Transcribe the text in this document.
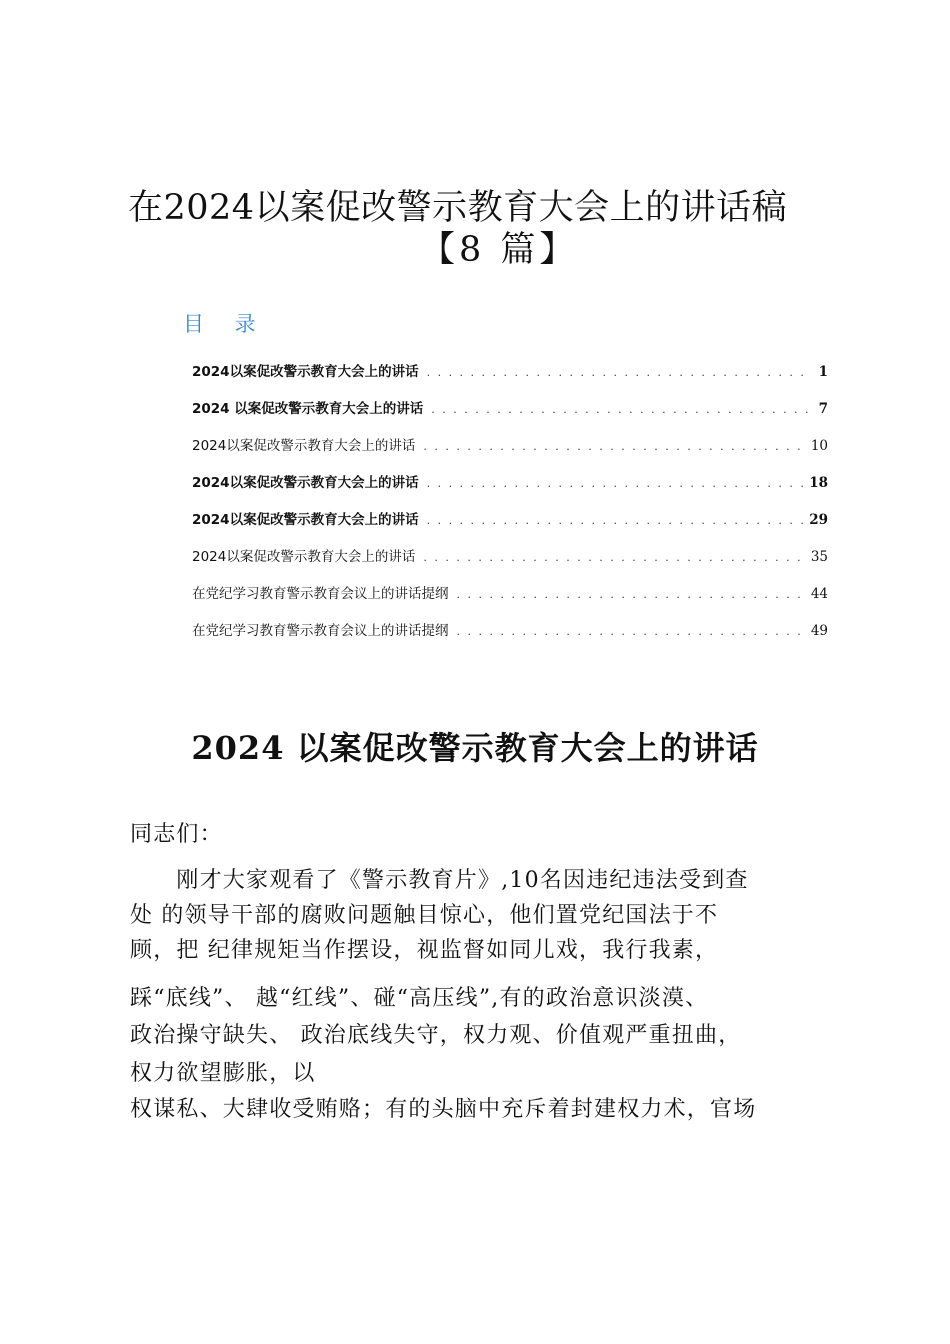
在2024以案促改警示教育大会上的讲话稿
【8 篇】
目 录
2024以案促改警示教育大会上的讲话 . . .	1
2024 以案促改警示教育大会上的讲话 . . .	7
2024以案促改警示教育大会上的讲话 . . .	10
2024以案促改警示教育大会上的讲话 . . .	18
2024以案促改警示教育大会上的讲话 . . .	29
2024以案促改警示教育大会上的讲话 . . .	35
在党纪学习教育警示教育会议上的讲话提纲 . . .	44
在党纪学习教育警示教育会议上的讲话提纲 . . .	49
2024 以案促改警示教育大会上的讲话
同志们：
　　刚才大家观看了《警示教育片》,10名因违纪违法受到查
处 的领导干部的腐败问题触目惊心，他们置党纪国法于不
顾，把 纪律规矩当作摆设，视监督如同儿戏，我行我素，
踩“底线”、 越“红线”、碰“高压线”,有的政治意识淡漠、
政治操守缺失、 政治底线失守，权力观、价值观严重扭曲，
权力欲望膨胀，以
权谋私、大肆收受贿赂；有的头脑中充斥着封建权力术，官场
